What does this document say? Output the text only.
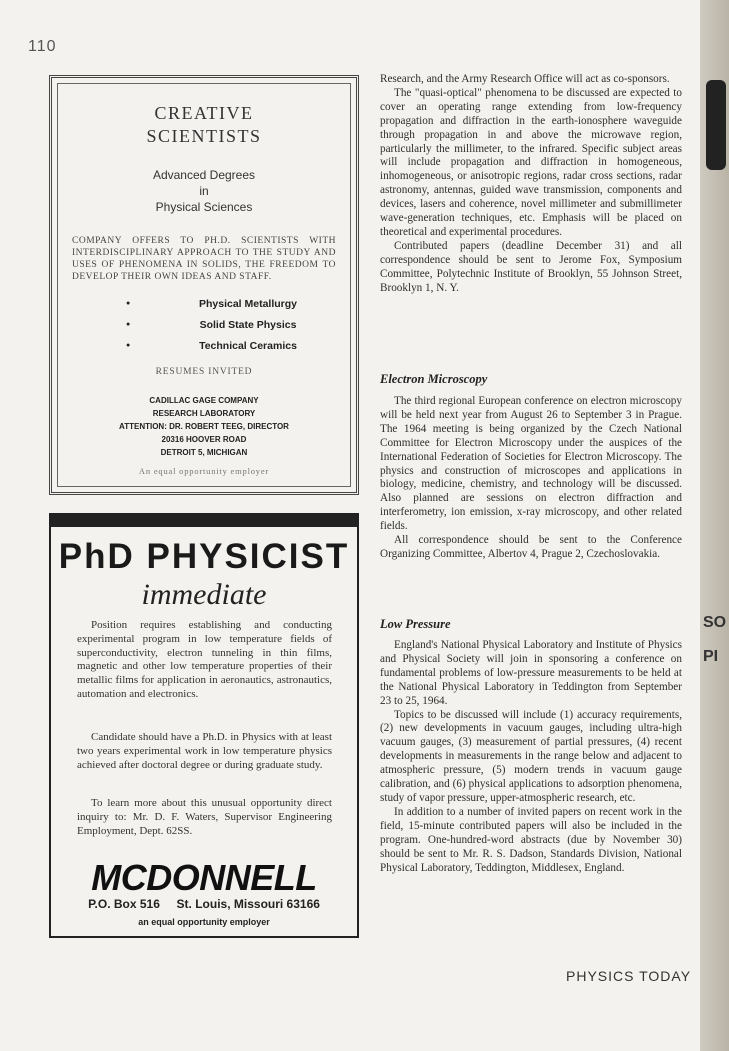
110
CREATIVE
SCIENTISTS
Advanced Degrees
in
Physical Sciences
COMPANY OFFERS TO PH.D. SCIENTISTS WITH INTERDISCIPLINARY APPROACH TO THE STUDY AND USES OF PHENOMENA IN SOLIDS, THE FREEDOM TO DEVELOP THEIR OWN IDEAS AND STAFF.
● Physical Metallurgy
● Solid State Physics
● Technical Ceramics
RESUMES INVITED
CADILLAC GAGE COMPANY
RESEARCH LABORATORY
ATTENTION: DR. ROBERT TEEG, DIRECTOR
20316 HOOVER ROAD
DETROIT 5, MICHIGAN
An equal opportunity employer
PhD PHYSICIST
immediate
Position requires establishing and conducting experimental program in low temperature fields of superconductivity, electron tunneling in thin films, magnetic and other low temperature properties of their metallic films for application in aeronautics, astronautics, automation and electronics.
Candidate should have a Ph.D. in Physics with at least two years experimental work in low temperature physics achieved after doctoral degree or during graduate study.
To learn more about this unusual opportunity direct inquiry to: Mr. D. F. Waters, Supervisor Engineering Employment, Dept. 62SS.
MCDONNELL
P.O. Box 516     St. Louis, Missouri 63166
an equal opportunity employer

Research, and the Army Research Office will act as co-sponsors.

The "quasi-optical" phenomena to be discussed are expected to cover an operating range extending from low-frequency propagation and diffraction in the earth-ionosphere waveguide through propagation in and above the microwave region, particularly the millimeter, to the infrared. Specific subject areas will include propagation and diffraction in homogeneous, inhomogeneous, or anisotropic regions, radar cross sections, radar astronomy, antennas, guided wave transmission, components and devices, lasers and coherence, novel millimeter and submillimeter wave-generation techniques, etc. Emphasis will be placed on theoretical and experimental procedures.

Contributed papers (deadline December 31) and all correspondence should be sent to Jerome Fox, Symposium Committee, Polytechnic Institute of Brooklyn, 55 Johnson Street, Brooklyn 1, N. Y.

Electron Microscopy

The third regional European conference on electron microscopy will be held next year from August 26 to September 3 in Prague. The 1964 meeting is being organized by the Czech National Committee for Electron Microscopy under the auspices of the International Federation of Societies for Electron Microscopy. The physics and construction of microscopes and applications in biology, medicine, chemistry, and technology will be discussed. Also planned are sessions on electron diffraction and interferometry, ion emission, x-ray microscopy, and other related fields.

All correspondence should be sent to the Conference Organizing Committee, Albertov 4, Prague 2, Czechoslovakia.

Low Pressure

England's National Physical Laboratory and Institute of Physics and Physical Society will join in sponsoring a conference on fundamental problems of low-pressure measurements to be held at the National Physical Laboratory in Teddington from September 23 to 25, 1964.

Topics to be discussed will include (1) accuracy requirements, (2) new developments in vacuum gauges, including ultra-high vacuum gauges, (3) measurement of partial pressures, (4) recent developments in measurements in the range below and adjacent to atmospheric pressure, (5) modern trends in vacuum gauge calibration, and (6) physical applications to adsorption phenomena, study of vapor pressure, upper-atmospheric research, etc.

In addition to a number of invited papers on recent work in the field, 15-minute contributed papers will also be included in the program. One-hundred-word abstracts (due by November 30) should be sent to Mr. R. S. Dadson, Standards Division, National Physical Laboratory, Teddington, Middlesex, England.

PHYSICS TODAY
SO
PI
